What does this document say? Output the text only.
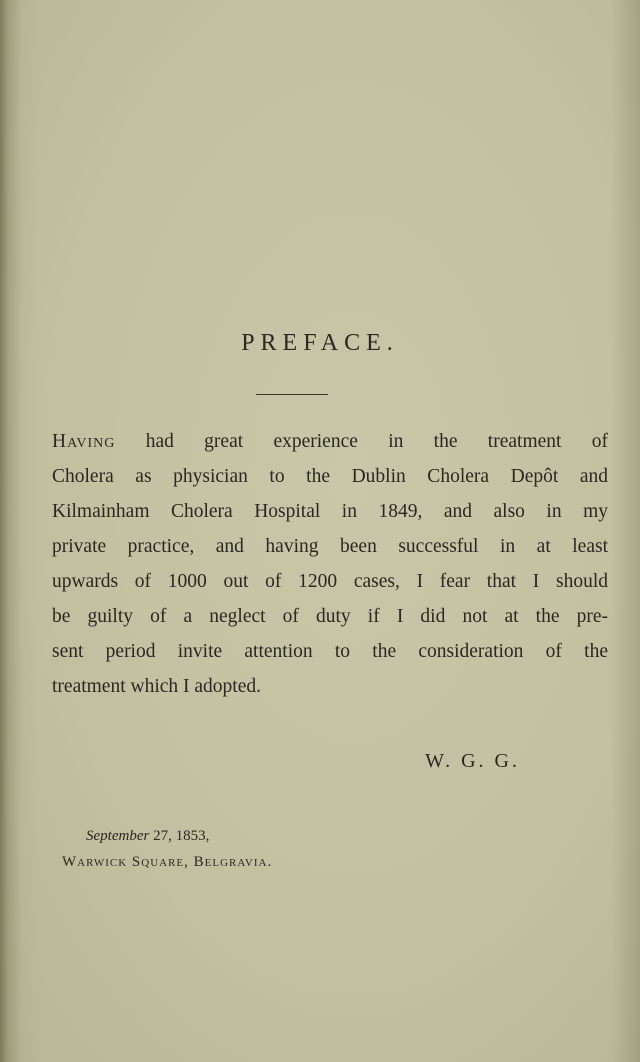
PREFACE.
Having had great experience in the treatment of
Cholera as physician to the Dublin Cholera Depôt and
Kilmainham Cholera Hospital in 1849, and also in my
private practice, and having been successful in at least
upwards of 1000 out of 1200 cases, I fear that I should
be guilty of a neglect of duty if I did not at the pre-
sent period invite attention to the consideration of the
treatment which I adopted.
W. G. G.
September 27, 1853,
Warwick Square, Belgravia.
